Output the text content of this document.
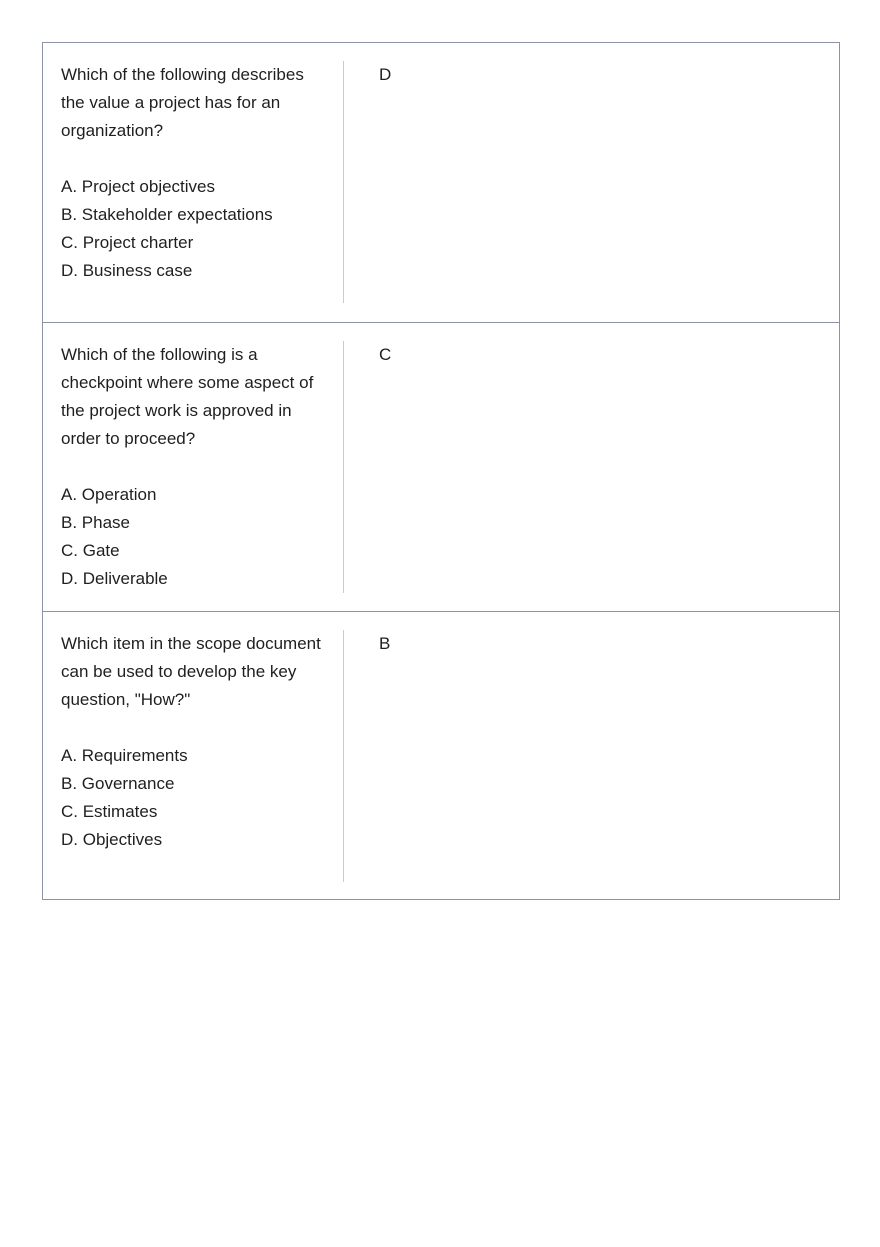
Which of the following describes the value a project has for an organization?

A. Project objectives
B. Stakeholder expectations
C. Project charter
D. Business case
D

Which of the following is a checkpoint where some aspect of the project work is approved in order to proceed?

A. Operation
B. Phase
C. Gate
D. Deliverable
C

Which item in the scope document can be used to develop the key question, "How?"

A. Requirements
B. Governance
C. Estimates
D. Objectives
B
